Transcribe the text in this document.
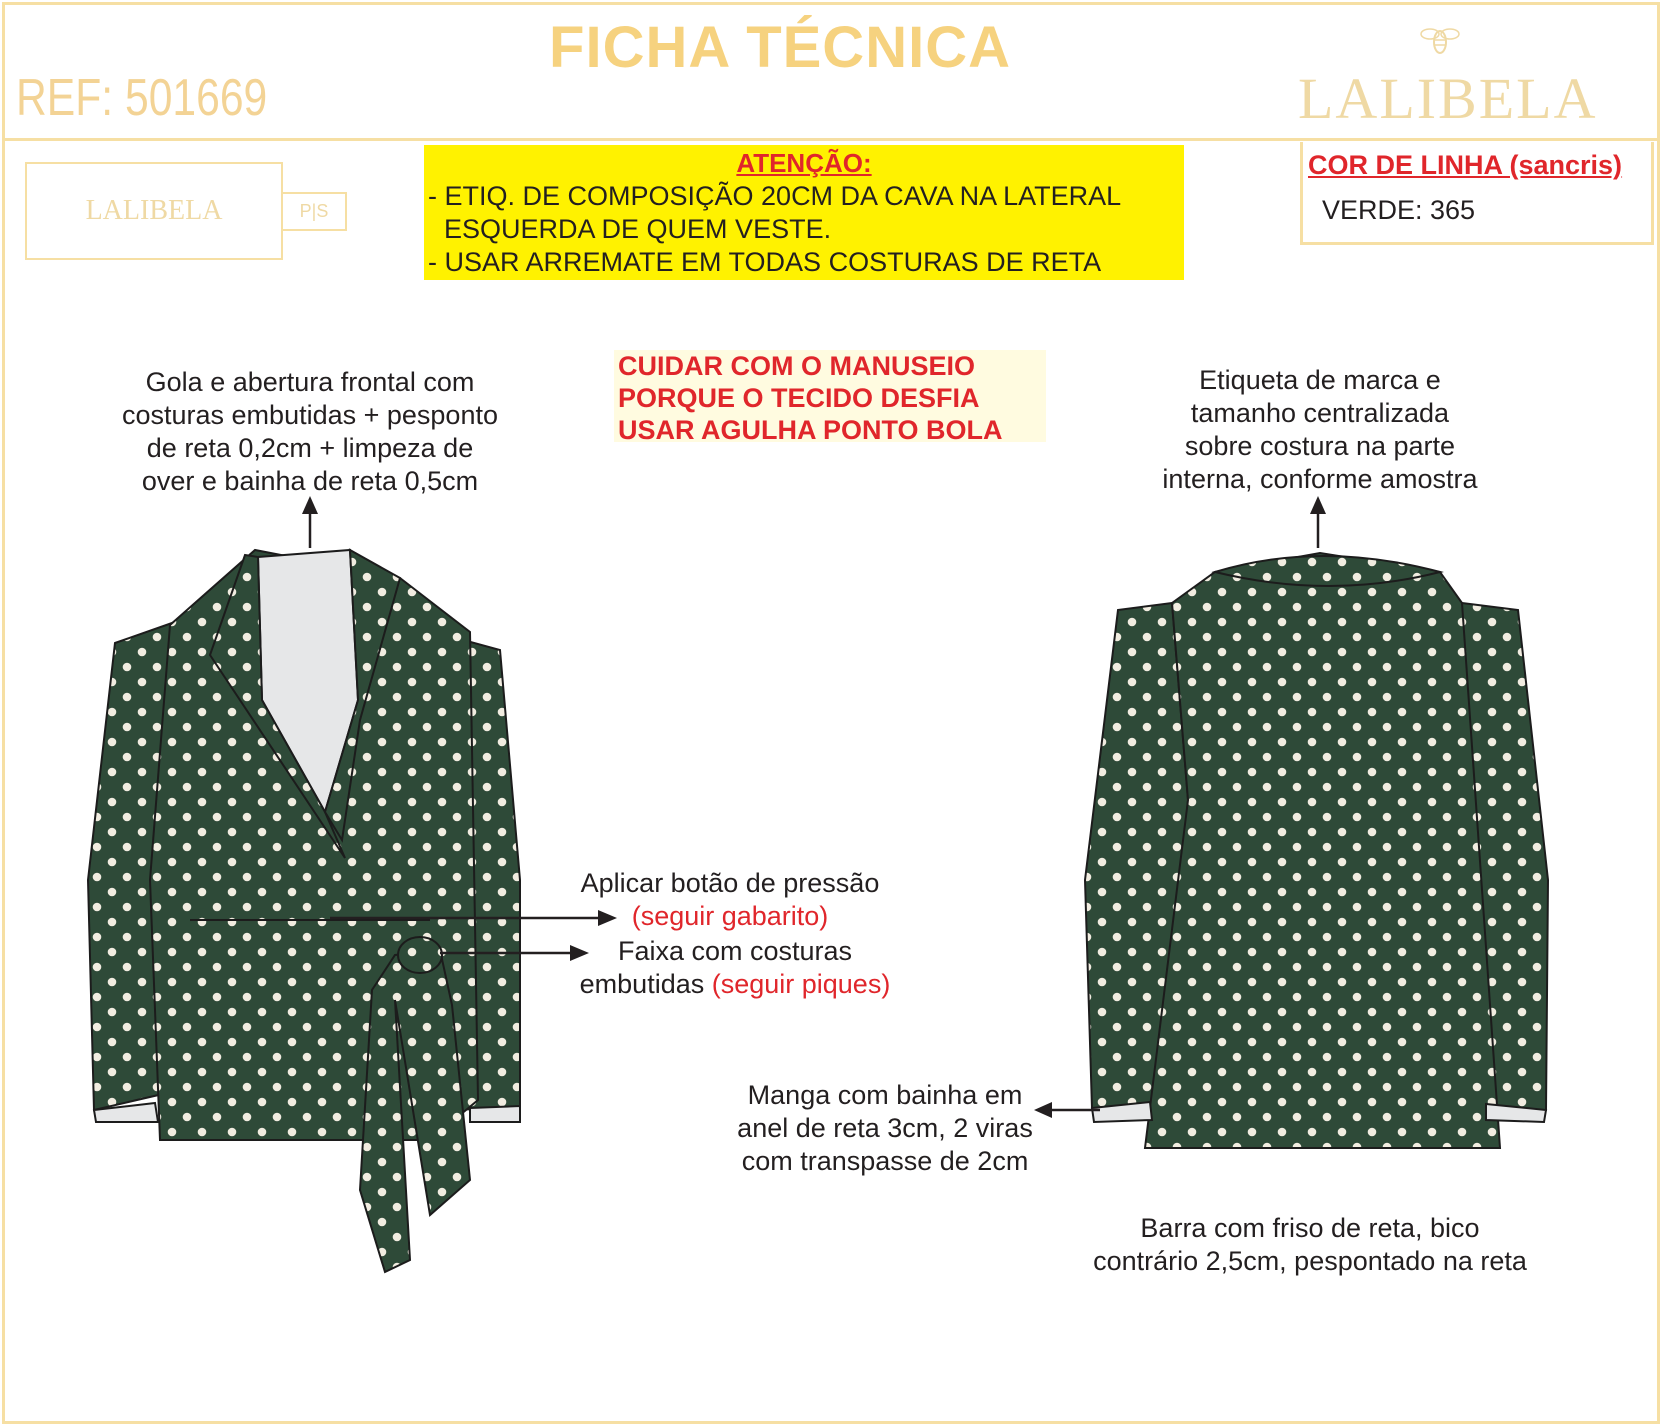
FICHA TÉCNICA
REF: 501669	LALIBELA
LALIBELA	P|S
ATENÇÃO:
- ETIQ. DE COMPOSIÇÃO 20CM DA CAVA NA LATERAL
ESQUERDA DE QUEM VESTE.
- USAR ARREMATE EM TODAS COSTURAS DE RETA
COR DE LINHA (sancris)
VERDE: 365
CUIDAR COM O MANUSEIO
PORQUE O TECIDO DESFIA
USAR AGULHA PONTO BOLA
Gola e abertura frontal com
costuras embutidas + pesponto
de reta 0,2cm + limpeza de
over e bainha de reta 0,5cm
Etiqueta de marca e
tamanho centralizada
sobre costura na parte
interna, conforme amostra
Aplicar botão de pressão
(seguir gabarito)
Faixa com costuras
embutidas (seguir piques)
Manga com bainha em
anel de reta 3cm, 2 viras
com transpasse de 2cm
Barra com friso de reta, bico
contrário 2,5cm, pespontado na reta
